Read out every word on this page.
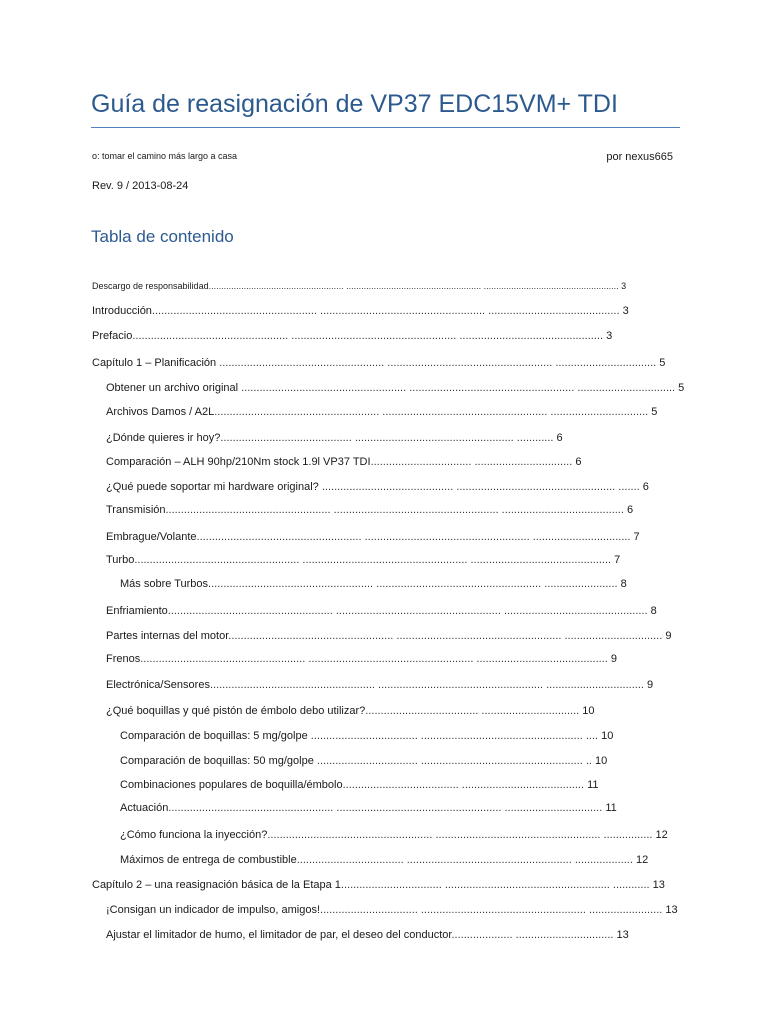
Guía de reasignación de VP37 EDC15VM+ TDI
o: tomar el camino más largo a casa	por nexus665
Rev. 9 / 2013-08-24
Tabla de contenido
Descargo de responsabilidad...................................................... ...................................................... ...................................................... 3
Introducción...................................................... ...................................................... ........................................... 3
Prefacio................................................... ...................................................... ............................................... 3
Capítulo 1 – Planificación ...................................................... ...................................................... ................................. 5
Obtener un archivo original ...................................................... ...................................................... ................................ 5
Archivos Damos / A2L...................................................... ...................................................... ................................ 5
¿Dónde quieres ir hoy?........................................... .................................................... ............ 6
Comparación – ALH 90hp/210Nm stock 1.9l VP37 TDI................................. ................................ 6
¿Qué puede soportar mi hardware original? ........................................... .................................................... ....... 6
Transmisión...................................................... ...................................................... ........................................ 6
Embrague/Volante...................................................... ...................................................... ................................ 7
Turbo...................................................... ...................................................... .............................................. 7
Más sobre Turbos...................................................... ...................................................... ........................ 8
Enfriamiento...................................................... ...................................................... ............................................... 8
Partes internas del motor...................................................... ...................................................... ................................ 9
Frenos...................................................... ...................................................... ........................................... 9
Electrónica/Sensores...................................................... ...................................................... ................................ 9
¿Qué boquillas y qué pistón de émbolo debo utilizar?..................................... ................................ 10
Comparación de boquillas: 5 mg/golpe ................................... ..................................................... .... 10
Comparación de boquillas: 50 mg/golpe ................................. ..................................................... .. 10
Combinaciones populares de boquilla/émbolo...................................... ........................................ 11
Actuación...................................................... ...................................................... ................................ 11
¿Cómo funciona la inyección?...................................................... ...................................................... ................ 12
Máximos de entrega de combustible................................... ...................................................... ................... 12
Capítulo 2 – una reasignación básica de la Etapa 1................................. ...................................................... ............ 13
¡Consigan un indicador de impulso, amigos!................................ ...................................................... ........................ 13
Ajustar el limitador de humo, el limitador de par, el deseo del conductor.................... ................................ 13
